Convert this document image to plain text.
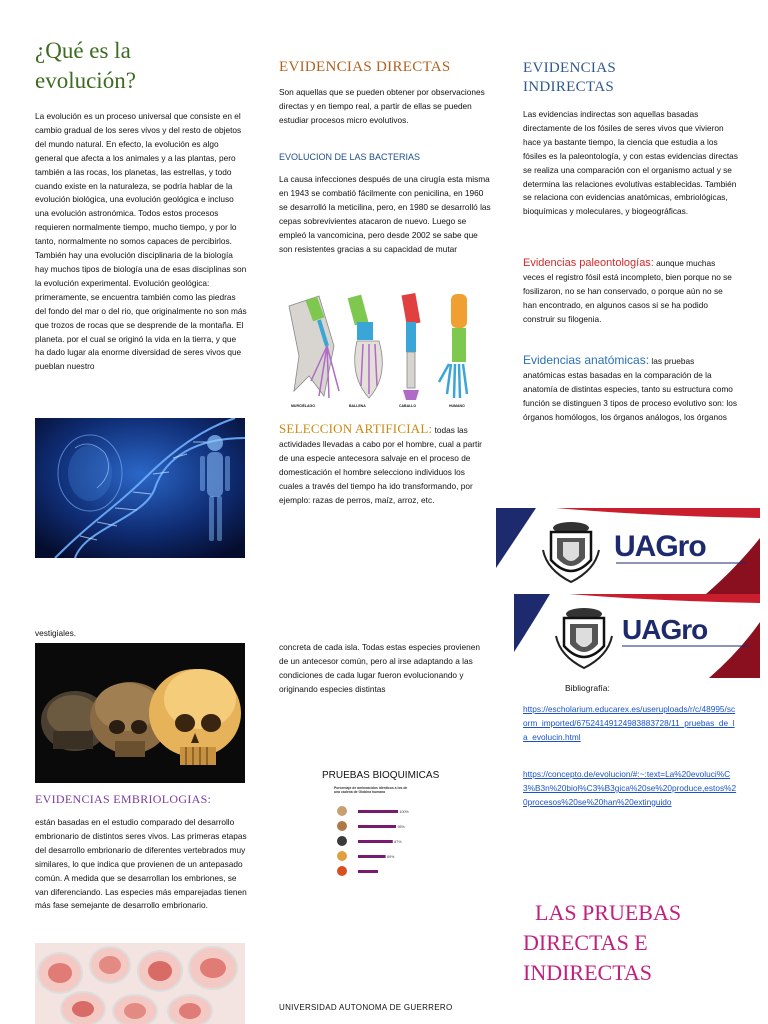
¿Qué es la evolución?
La evolución es un proceso universal que consiste en el cambio gradual de los seres vivos y del resto de objetos del mundo natural. En efecto, la evolución es algo general que afecta a los animales y a las plantas, pero también a las rocas, los planetas, las estrellas, y todo cuando existe en la naturaleza, se podría hablar de la evolución biológica, una evolución geológica e incluso una evolución astronómica. Todos estos procesos requieren normalmente tiempo, mucho tiempo, y por lo tanto, normalmente no somos capaces de percibirlos. También hay una evolución disciplinaria de la biología hay muchos tipos de biología una de esas disciplinas son la evolución experimental. Evolución geológica: primeramente, se encuentra también como las piedras del fondo del mar o del rio, que originalmente no son más que trozos de rocas que se desprende de la montaña. El planeta. por el cual se originó la vida en la tierra, y que ha dado lugar ala enorme diversidad de seres vivos que pueblan nuestro
vestigiales.
EVIDENCIAS EMBRIOLOGIAS:
están basadas en el estudio comparado del desarrollo embrionario de distintos seres vivos. Las primeras etapas del desarrollo embrionario de diferentes vertebrados muy similares, lo que indica que provienen de un antepasado común. A medida que se desarrollan los embriones, se van diferenciando. Las especies más emparejadas tienen más fase semejante de desarrollo embrionario.
EVIDENCIAS DIRECTAS
Son aquellas que se pueden obtener por observaciones directas y en tiempo real, a partir de ellas se pueden estudiar procesos micro evolutivos.
EVOLUCION DE LAS BACTERIAS
La causa infecciones después de una cirugía esta misma en 1943 se combatió fácilmente con penicilina, en 1960 se desarrolló la meticilina, pero, en 1980 se desarrolló las cepas sobrevivientes atacaron de nuevo. Luego se empleó la vancomicina, pero desde 2002 se sabe que son resistentes gracias a su capacidad de mutar
MURCIÉLAGO	BALLENA	CABALLO	HUMANO
SELECCION ARTIFICIAL: todas las actividades llevadas a cabo por el hombre, cual a partir de una especie antecesora salvaje en el proceso de domesticación el hombre selecciono individuos los cuales a través del tiempo ha ido transformando, por ejemplo: razas de perros, maíz, arroz, etc.
concreta de cada isla. Todas estas especies provienen de un antecesor común, pero al irse adaptando a las condiciones de cada lugar fueron evolucionando y originando especies distintas
PRUEBAS BIOQUIMICAS
Porcentaje de aminoácidos idénticos a los de una cadena de Globina humana
100%
95%
87%
69%
UNIVERSIDAD AUTONOMA DE GUERRERO
EVIDENCIAS INDIRECTAS
Las evidencias indirectas son aquellas basadas directamente de los fósiles de seres vivos que vivieron hace ya bastante tiempo, la ciencia que estudia a los fósiles es la paleontología, y con estas evidencias directas se realiza una comparación con el organismo actual y se determina las relaciones evolutivas establecidas. También se relaciona con evidencias anatómicas, embriológicas, bioquímicas y moleculares, y biogeográficas.
Evidencias paleontologías: aunque muchas veces el registro fósil está incompleto, bien porque no se fosilizaron, no se han conservado, o porque aún no se han encontrado, en algunos casos si se ha podido construir su filogenia.
Evidencias anatómicas: las pruebas anatómicas estas basadas en la comparación de la anatomía de distintas especies, tanto su estructura como función se distinguen 3 tipos de proceso evolutivo son: los órganos homólogos, los órganos análogos, los órganos
UAGro
UAGro
Bibliografía:
https://escholarium.educarex.es/useruploads/r/c/48995/scorm_imported/67524149124983883728/11_pruebas_de_la_evolucin.html
https://concepto.de/evolucion/#:~:text=La%20evoluci%C3%B3n%20biol%C3%B3gica%20se%20produce,estos%20procesos%20se%20han%20extinguido
LAS PRUEBAS DIRECTAS E INDIRECTAS
